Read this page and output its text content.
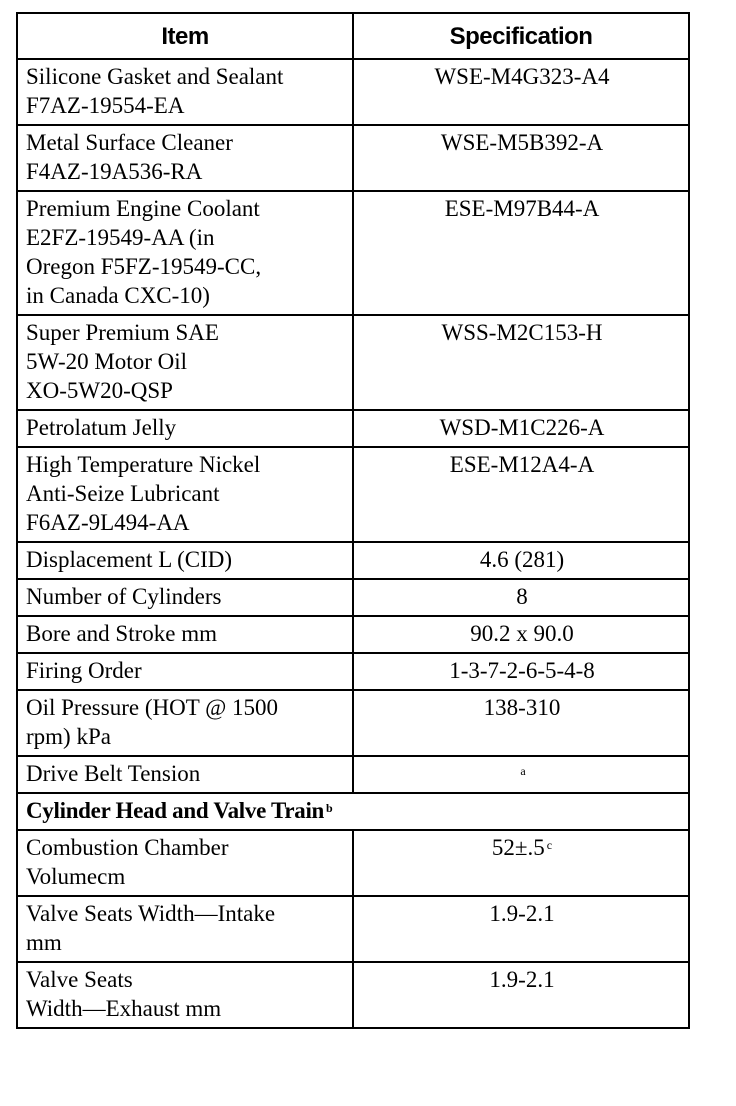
Item	Specification
Silicone Gasket and Sealant
F7AZ-19554-EA	WSE-M4G323-A4
Metal Surface Cleaner
F4AZ-19A536-RA	WSE-M5B392-A
Premium Engine Coolant
E2FZ-19549-AA (in
Oregon F5FZ-19549-CC,
in Canada CXC-10)	ESE-M97B44-A
Super Premium SAE
5W-20 Motor Oil
XO-5W20-QSP	WSS-M2C153-H
Petrolatum Jelly	WSD-M1C226-A
High Temperature Nickel
Anti-Seize Lubricant
F6AZ-9L494-AA	ESE-M12A4-A
Displacement L (CID)	4.6 (281)
Number of Cylinders	8
Bore and Stroke mm	90.2 x 90.0
Firing Order	1-3-7-2-6-5-4-8
Oil Pressure (HOT @ 1500
rpm) kPa	138-310
Drive Belt Tension	$^a$
Cylinder Head and Valve Train $^b$
Combustion Chamber
Volumecm	52±.5 $^c$
Valve Seats Width—Intake
mm	1.9-2.1
Valve Seats
Width—Exhaust mm	1.9-2.1
